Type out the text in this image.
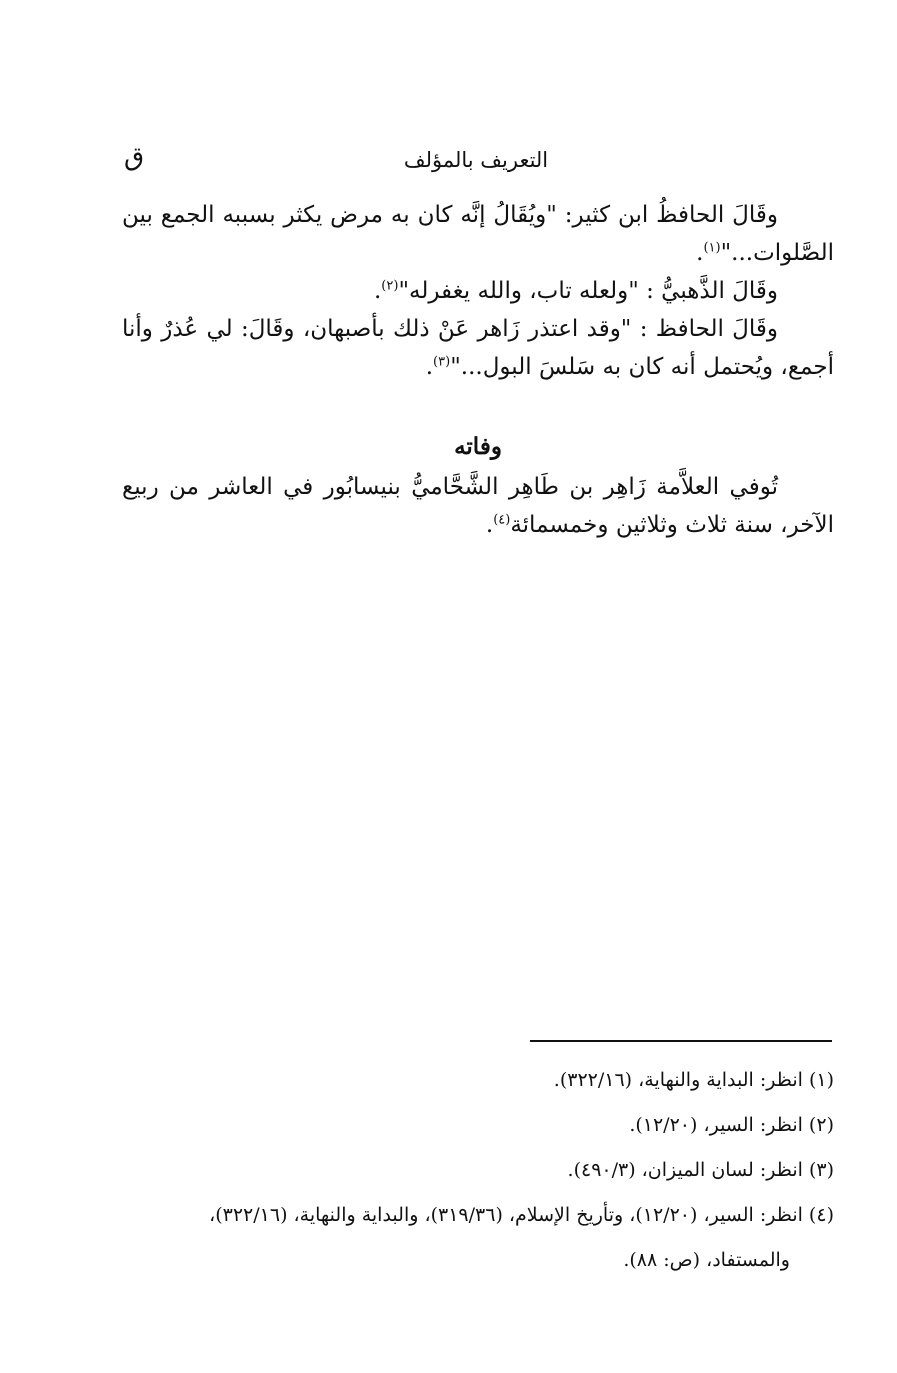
التعريف بالمؤلف
ق

وقَالَ الحافظُ ابن كثير: "ويُقَالُ إنَّه كان به مرض يكثر بسببه الجمع بين الصَّلوات..."$^{(١)}$.

وقَالَ الذَّهبيُّ : "ولعله تاب، والله يغفرله"$^{(٢)}$.

وقَالَ الحافظ : "وقد اعتذر زَاهر عَنْ ذلك بأصبهان، وقَالَ: لي عُذرٌ وأنا أجمع، ويُحتمل أنه كان به سَلسَ البول..."$^{(٣)}$.

وفاته

تُوفي العلاَّمة زَاهِر بن طَاهِر الشَّحَّاميُّ بنيسابُور في العاشر من ربيع الآخر، سنة ثلاث وثلاثين وخمسمائة$^{(٤)}$.

(١) انظر: البداية والنهاية، (٣٢٢/١٦).

(٢) انظر: السير، (١٢/٢٠).

(٣) انظر: لسان الميزان، (٤٩٠/٣).

(٤) انظر: السير، (١٢/٢٠)، وتأريخ الإسلام، (٣١٩/٣٦)، والبداية والنهاية، (٣٢٢/١٦)،

والمستفاد، (ص: ٨٨).
